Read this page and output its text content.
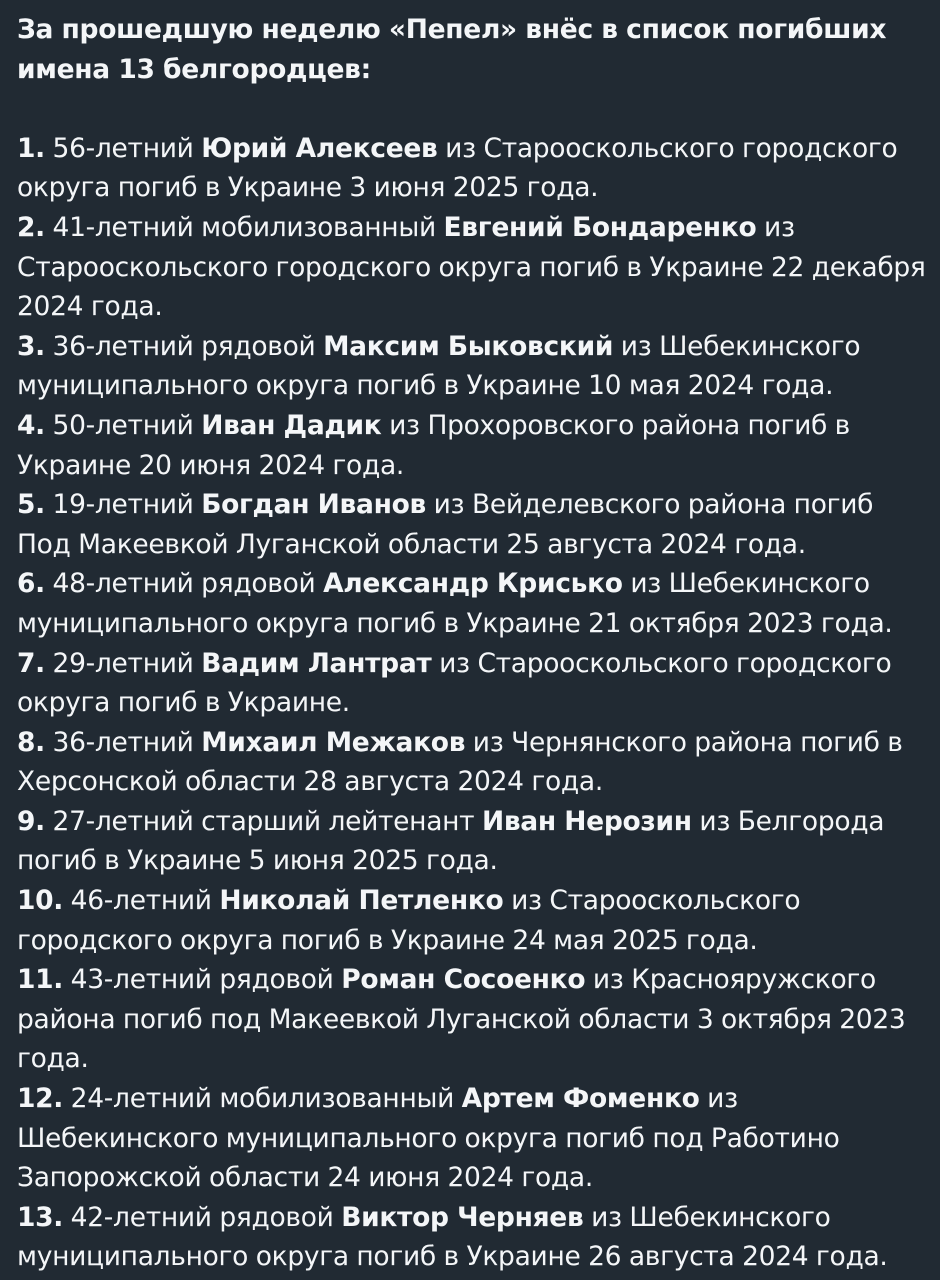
За прошедшую неделю «Пепел» внёс в список погибших имена 13 белгородцев:

1. 56-летний Юрий Алексеев из Старооскольского городского округа погиб в Украине 3 июня 2025 года.
2. 41-летний мобилизованный Евгений Бондаренко из Старооскольского городского округа погиб в Украине 22 декабря 2024 года.
3. 36-летний рядовой Максим Быковский из Шебекинского муниципального округа погиб в Украине 10 мая 2024 года.
4. 50-летний Иван Дадик из Прохоровского района погиб в Украине 20 июня 2024 года.
5. 19-летний Богдан Иванов из Вейделевского района погиб Под Макеевкой Луганской области 25 августа 2024 года.
6. 48-летний рядовой Александр Крисько из Шебекинского муниципального округа погиб в Украине 21 октября 2023 года.
7. 29-летний Вадим Лантрат из Старооскольского городского округа погиб в Украине.
8. 36-летний Михаил Межаков из Чернянского района погиб в Херсонской области 28 августа 2024 года.
9. 27-летний старший лейтенант Иван Нерозин из Белгорода погиб в Украине 5 июня 2025 года.
10. 46-летний Николай Петленко из Старооскольского городского округа погиб в Украине 24 мая 2025 года.
11. 43-летний рядовой Роман Сосоенко из Краснояружского района погиб под Макеевкой Луганской области 3 октября 2023 года.
12. 24-летний мобилизованный Артем Фоменко из Шебекинского муниципального округа погиб под Работино Запорожской области 24 июня 2024 года.
13. 42-летний рядовой Виктор Черняев из Шебекинского муниципального округа погиб в Украине 26 августа 2024 года.
